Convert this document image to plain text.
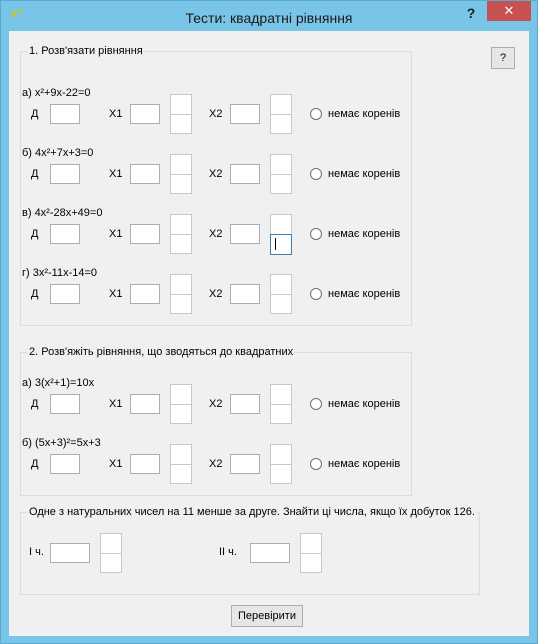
x²	Тести: квадратні рівняння	?	✕
?
1. Розв'язати рівняння
2. Розв'яжіть рівняння, що зводяться до квадратних
Одне з натуральних чисел на 11 менше за друге. Знайти ці числа, якщо їх добуток 126.
а) x²+9x-22=0
Д	X1	X2	немає коренів
б) 4x²+7x+3=0
Д	X1	X2	немає коренів
в) 4x²-28x+49=0
Д	X1	X2	немає коренів
г) 3x²-11x-14=0
Д	X1	X2	немає коренів
а) 3(x²+1)=10x
Д	X1	X2	немає коренів
б) (5x+3)²=5x+3
Д	X1	X2	немає коренів
І ч.	ІІ ч.
Перевірити
